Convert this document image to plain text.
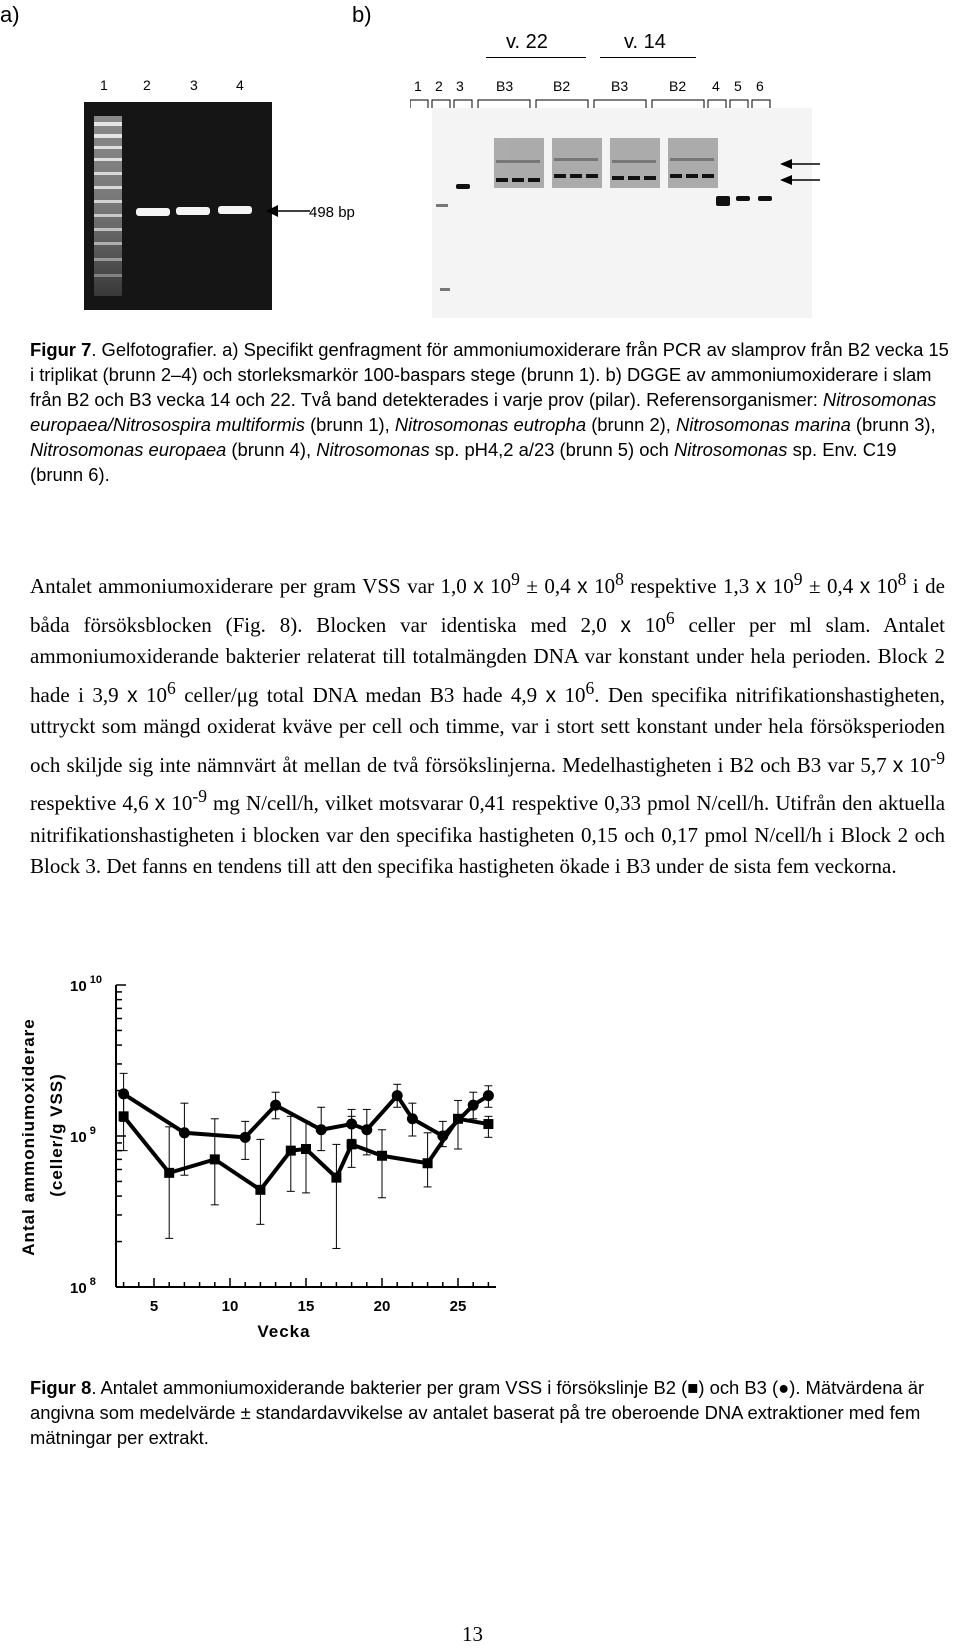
a)	b)
1	2	3	4
498 bp
v. 22	v. 14
1 2 3 B3	B2	B3	B2 4 5 6
Figur 7. Gelfotografier. a) Specifikt genfragment för ammoniumoxiderare från PCR av slamprov från B2 vecka 15 i triplikat (brunn 2–4) och storleksmarkör 100-baspars stege (brunn 1). b) DGGE av ammoniumoxiderare i slam från B2 och B3 vecka 14 och 22. Två band detekterades i varje prov (pilar). Referensorganismer: Nitrosomonas europaea/Nitrosospira multiformis (brunn 1), Nitrosomonas eutropha (brunn 2), Nitrosomonas marina (brunn 3), Nitrosomonas europaea (brunn 4), Nitrosomonas sp. pH4,2 a/23 (brunn 5) och Nitrosomonas sp. Env. C19 (brunn 6).

Antalet ammoniumoxiderare per gram VSS var 1,0 x $10^9 \pm 0,4$ x $10^8$ respektive 1,3 x $10^9 \pm 0,4$ x $10^8$ i de båda försöksblocken (Fig. 8). Blocken var identiska med 2,0 x $10^6$ celler per ml slam. Antalet ammoniumoxiderande bakterier relaterat till totalmängden DNA var konstant under hela perioden. Block 2 hade i 3,9 x $10^6$ celler/μg total DNA medan B3 hade 4,9 x $10^6$. Den specifika nitrifikationshastigheten, uttryckt som mängd oxiderat kväve per cell och timme, var i stort sett konstant under hela försöksperioden och skiljde sig inte nämnvärt åt mellan de två försökslinjerna. Medelhastigheten i B2 och B3 var 5,7 x $10^{-9}$ respektive 4,6 x $10^{-9}$ mg N/cell/h, vilket motsvarar 0,41 respektive 0,33 pmol N/cell/h. Utifrån den aktuella nitrifikationshastigheten i blocken var den specifika hastigheten 0,15 och 0,17 pmol N/cell/h i Block 2 och Block 3. Det fanns en tendens till att den specifika hastigheten ökade i B3 under de sista fem veckorna.

10 $^{10}$
10 $^9$
10 $^8$
5	10	15	20	25
Vecka
Antal ammoniumoxiderare (celler/g VSS)
Figur 8. Antalet ammoniumoxiderande bakterier per gram VSS i försökslinje B2 (■) och B3 (●). Mätvärdena är angivna som medelvärde ± standardavvikelse av antalet baserat på tre oberoende DNA extraktioner med fem mätningar per extrakt.
13
